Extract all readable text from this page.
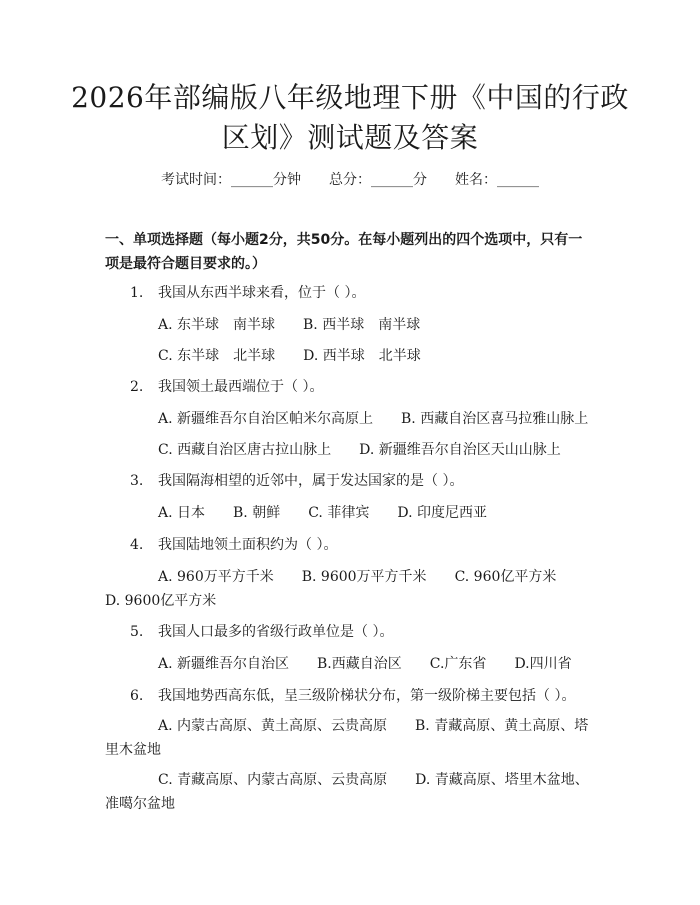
2026年部编版八年级地理下册《中国的行政区划》测试题及答案
考试时间：______分钟 总分：______分 姓名：______
一、单项选择题（每小题2分，共50分。在每小题列出的四个选项中，只有一项是最符合题目要求的。）
1. 我国从东西半球来看，位于（ ）。
A. 东半球　南半球 B. 西半球　南半球
C. 东半球　北半球 D. 西半球　北半球
2. 我国领土最西端位于（ ）。
A. 新疆维吾尔自治区帕米尔高原上 B. 西藏自治区喜马拉雅山脉上
C. 西藏自治区唐古拉山脉上 D. 新疆维吾尔自治区天山山脉上
3. 我国隔海相望的近邻中，属于发达国家的是（ ）。
A. 日本 B. 朝鲜 C. 菲律宾 D. 印度尼西亚
4. 我国陆地领土面积约为（ ）。
A. 960万平方千米 B. 9600万平方千米 C. 960亿平方米D. 9600亿平方米
5. 我国人口最多的省级行政单位是（ ）。
A. 新疆维吾尔自治区 B.西藏自治区 C.广东省 D.四川省
6. 我国地势西高东低，呈三级阶梯状分布，第一级阶梯主要包括（ ）。
A. 内蒙古高原、黄土高原、云贵高原 B. 青藏高原、黄土高原、塔里木盆地
C. 青藏高原、内蒙古高原、云贵高原 D. 青藏高原、塔里木盆地、准噶尔盆地
